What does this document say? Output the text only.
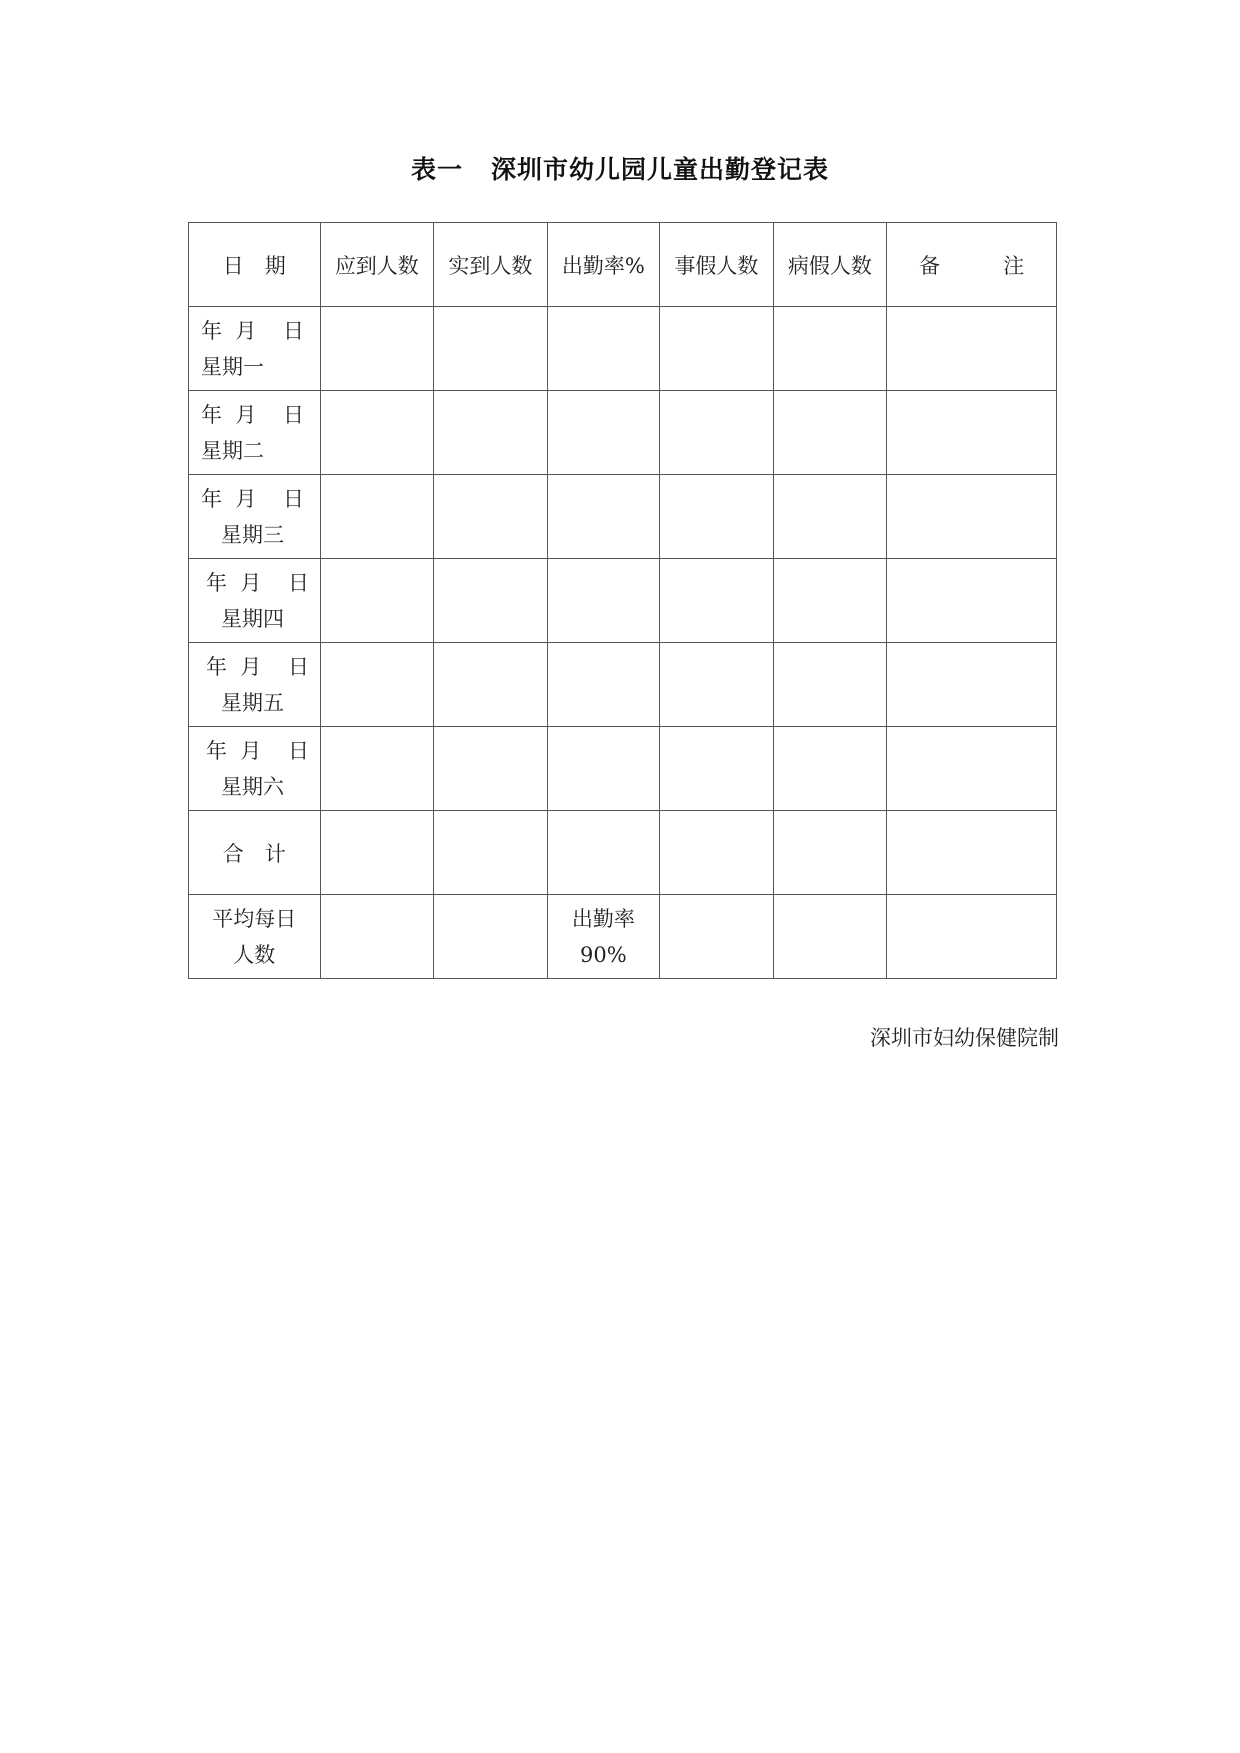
表一 深圳市幼儿园儿童出勤登记表
日　期	应到人数	实到人数	出勤率%	事假人数	病假人数	备　　　注

年  月    日
星期一						

年  月    日
星期二						

年  月    日
星期三						

年  月    日
星期四						

年  月    日
星期五						

年  月    日
星期六						

合　计						

平均每日
人数			出勤率
90%			

深圳市妇幼保健院制
